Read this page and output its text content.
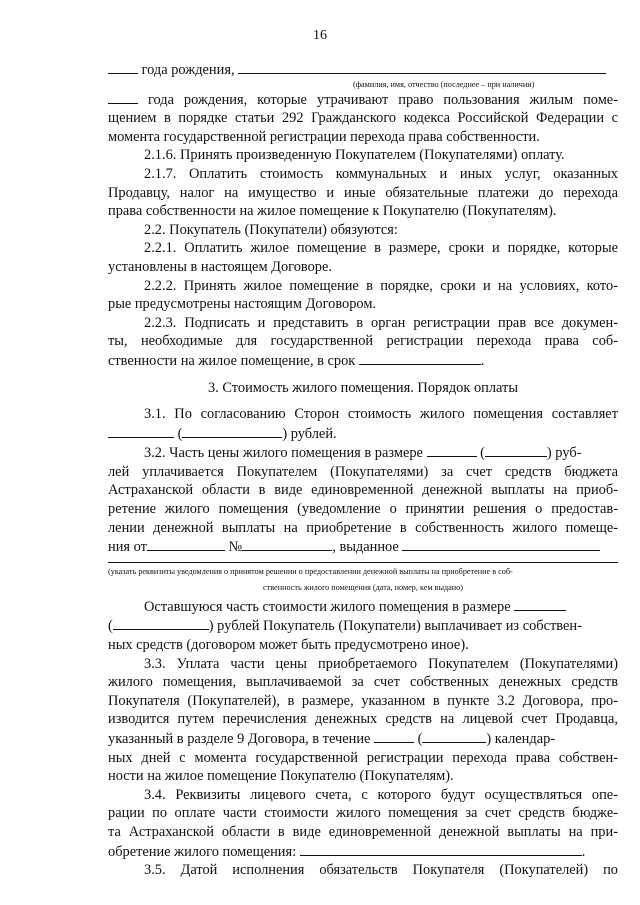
16
года рождения,
(фамилия, имя, отчество (последнее – при наличии)
года рождения, которые утрачивают право пользования жилым поме-
щением в порядке статьи 292 Гражданского кодекса Российской Федерации с
момента государственной регистрации перехода права собственности.
2.1.6. Принять произведенную Покупателем (Покупателями) оплату.
2.1.7. Оплатить стоимость коммунальных и иных услуг, оказанных
Продавцу, налог на имущество и иные обязательные платежи до перехода
права собственности на жилое помещение к Покупателю (Покупателям).
2.2. Покупатель (Покупатели) обязуются:
2.2.1. Оплатить жилое помещение в размере, сроки и порядке, которые
установлены в настоящем Договоре.
2.2.2. Принять жилое помещение в порядке, сроки и на условиях, кото-
рые предусмотрены настоящим Договором.
2.2.3. Подписать и представить в орган регистрации прав все докумен-
ты, необходимые для государственной регистрации перехода права соб-
ственности на жилое помещение, в срок	.
3. Стоимость жилого помещения. Порядок оплаты
3.1. По согласованию Сторон стоимость жилого помещения составляет
(	) рублей.
3.2. Часть цены жилого помещения в размере	(	) руб-
лей уплачивается Покупателем (Покупателями) за счет средств бюджета
Астраханской области в виде единовременной денежной выплаты на приоб-
ретение жилого помещения (уведомление о принятии решения о предостав-
лении денежной выплаты на приобретение в собственность жилого помеще-
ния от	№	, выданное
(указать реквизиты уведомления о принятом решении о предоставлении денежной выплаты на приобретение в соб-
ственность жилого помещения (дата, номер, кем выдано)
Оставшуюся часть стоимости жилого помещения в размере
(	) рублей Покупатель (Покупатели) выплачивает из собствен-
ных средств (договором может быть предусмотрено иное).
3.3. Уплата части цены приобретаемого Покупателем (Покупателями)
жилого помещения, выплачиваемой за счет собственных денежных средств
Покупателя (Покупателей), в размере, указанном в пункте 3.2 Договора, про-
изводится путем перечисления денежных средств на лицевой счет Продавца,
указанный в разделе 9 Договора, в течение	(	) календар-
ных дней с момента государственной регистрации перехода права собствен-
ности на жилое помещение Покупателю (Покупателям).
3.4. Реквизиты лицевого счета, с которого будут осуществляться опе-
рации по оплате части стоимости жилого помещения за счет средств бюдже-
та Астраханской области в виде единовременной денежной выплаты на при-
обретение жилого помещения:	.
3.5. Датой исполнения обязательств Покупателя (Покупателей) по
